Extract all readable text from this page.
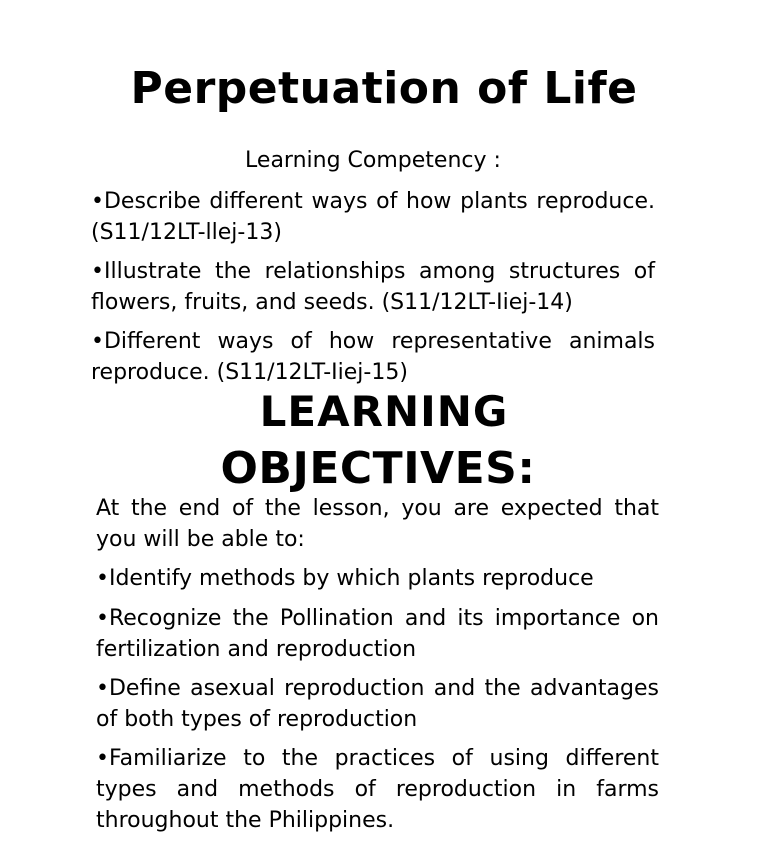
Perpetuation of Life

Learning Competency :

•Describe different ways of how plants reproduce. (S11/12LT-llej-13)

•Illustrate the relationships among structures of flowers, fruits, and seeds. (S11/12LT-Iiej-14)

•Different ways of how representative animals reproduce. (S11/12LT-Iiej-15)

LEARNING
OBJECTIVES:

At the end of the lesson, you are expected that you will be able to:

•Identify methods by which plants reproduce

•Recognize the Pollination and its importance on fertilization and reproduction

•Define asexual reproduction and the advantages of both types of reproduction

•Familiarize to the practices of using different types and methods of reproduction in farms throughout the Philippines.
